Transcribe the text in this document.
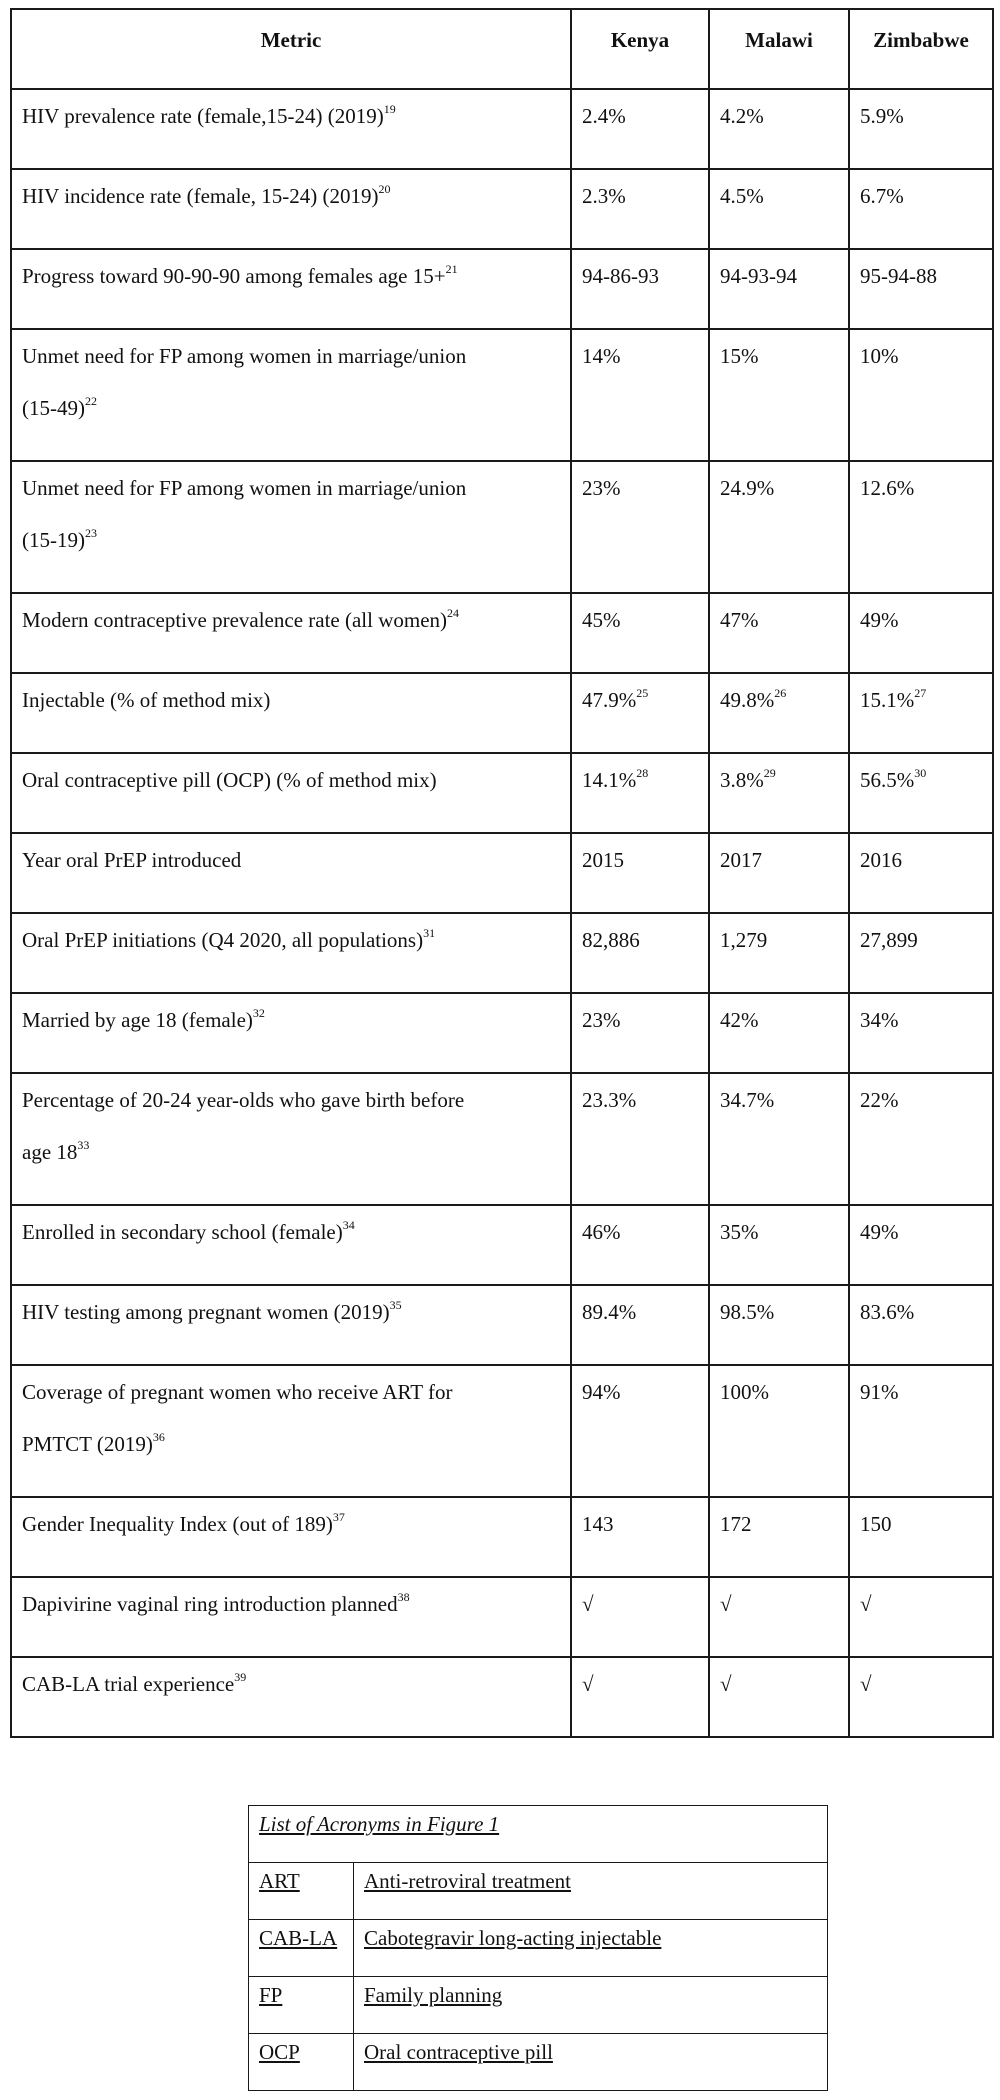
Metric	Kenya	Malawi	Zimbabwe

HIV prevalence rate (female,15-24) $(2019)^{19}$	2.4%	4.2%	5.9%

HIV incidence rate (female, 15-24) $(2019)^{20}$	2.3%	4.5%	6.7%

Progress toward 90-90-90 among females age 15+$^{21}$	94-86-93	94-93-94	95-94-88

Unmet need for FP among women in marriage/union
$(15-49)^{22}$	14%	15%	10%

Unmet need for FP among women in marriage/union
$(15-19)^{23}$	23%	24.9%	12.6%

Modern contraceptive prevalence rate (all women)$^{24}$	45%	47%	49%

Injectable (% of method mix)	47.9%$^{25}$	49.8%$^{26}$	15.1%$^{27}$

Oral contraceptive pill (OCP) (% of method mix)	14.1%$^{28}$	3.8%$^{29}$	56.5%$^{30}$

Year oral PrEP introduced	2015	2017	2016

Oral PrEP initiations (Q4 2020, all populations)$^{31}$	82,886	1,279	27,899

Married by age 18 (female)$^{32}$	23%	42%	34%

Percentage of 20-24 year-olds who gave birth before
age $18^{33}$	23.3%	34.7%	22%

Enrolled in secondary school (female)$^{34}$	46%	35%	49%

HIV testing among pregnant women $(2019)^{35}$	89.4%	98.5%	83.6%

Coverage of pregnant women who receive ART for
PMTCT $(2019)^{36}$	94%	100%	91%

Gender Inequality Index (out of 189)$^{37}$	143	172	150

Dapivirine vaginal ring introduction planned$^{38}$	√	√	√

CAB-LA trial experience$^{39}$	√	√	√
List of Acronyms in Figure 1	
ART	Anti-retroviral treatment
CAB-LA	Cabotegravir long-acting injectable
FP	Family planning
OCP	Oral contraceptive pill
